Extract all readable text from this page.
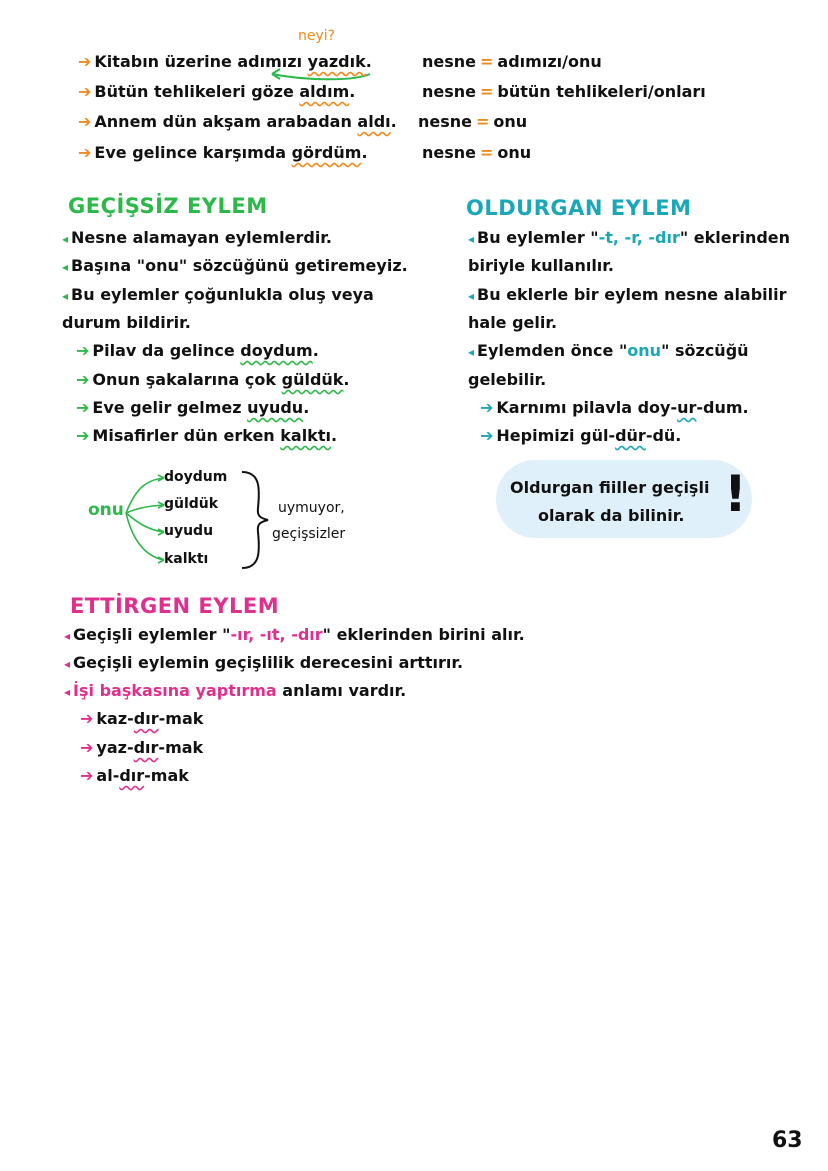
neyi?
➔ Kitabın üzerine adımızı yazdık.
➔ Bütün tehlikeleri göze aldım.
➔ Annem dün akşam arabadan aldı.
➔ Eve gelince karşımda gördüm.
nesne = adımızı/onu
nesne = bütün tehlikeleri/onları
nesne = onu
nesne = onu
GEÇİŞSİZ EYLEM
◂ Nesne alamayan eylemlerdir.
◂ Başına "onu" sözcüğünü getiremeyiz.
◂ Bu eylemler çoğunlukla oluş veya
durum bildirir.
➔ Pilav da gelince doydum.
➔ Onun şakalarına çok güldük.
➔ Eve gelir gelmez uyudu.
➔ Misafirler dün erken kalktı.
onu
doydum
güldük
uyudu
kalktı
uymuyor,
geçişsizler
OLDURGAN EYLEM
◂ Bu eylemler "-t, -r, -dır" eklerinden
biriyle kullanılır.
◂ Bu eklerle bir eylem nesne alabilir
hale gelir.
◂ Eylemden önce "onu" sözcüğü
gelebilir.
➔ Karnımı pilavla doy-ur-dum.
➔ Hepimizi gül-dür-dü.
Oldurgan fiiller geçişli
olarak da bilinir. !
ETTİRGEN EYLEM
◂ Geçişli eylemler "-ır, -ıt, -dır" eklerinden birini alır.
◂ Geçişli eylemin geçişlilik derecesini arttırır.
◂ İşi başkasına yaptırma anlamı vardır.
➔ kaz-dır-mak
➔ yaz-dır-mak
➔ al-dır-mak
63
